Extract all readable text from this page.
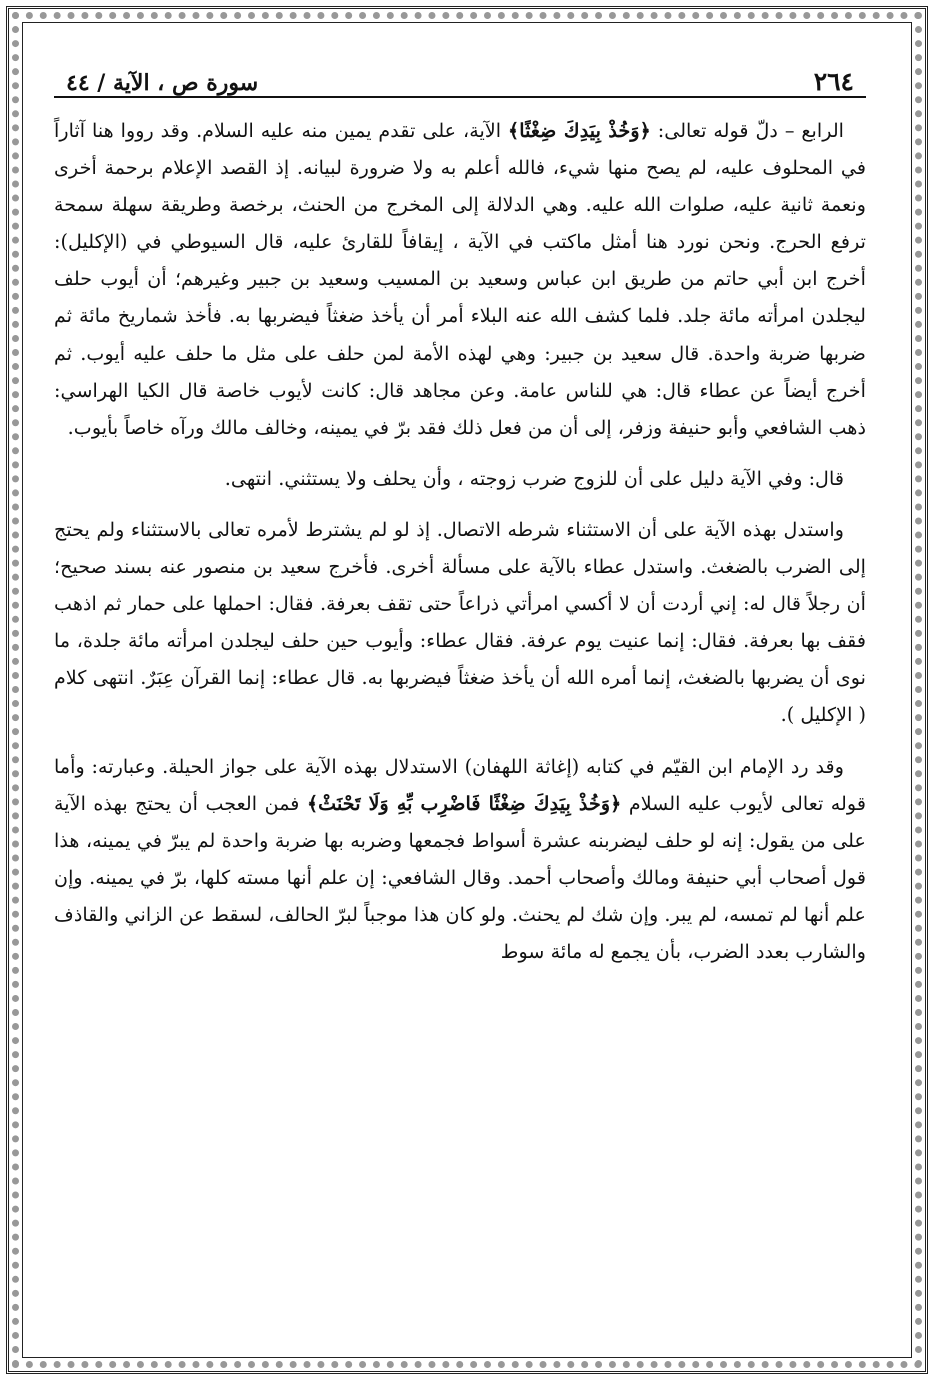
٢٦٤
سورة ص ، الآية / ٤٤

الرابع – دلّ قوله تعالى: ﴿وَخُذْ بِيَدِكَ ضِغْثًا﴾ الآية، على تقدم يمين منه عليه السلام. وقد رووا هنا آثاراً في المحلوف عليه، لم يصح منها شيء، فالله أعلم به ولا ضرورة لبيانه. إذ القصد الإعلام برحمة أخرى ونعمة ثانية عليه، صلوات الله عليه. وهي الدلالة إلى المخرج من الحنث، برخصة وطريقة سهلة سمحة ترفع الحرج. ونحن نورد هنا أمثل ماكتب في الآية ، إيقافاً للقارئ عليه، قال السيوطي في (الإكليل): أخرج ابن أبي حاتم من طريق ابن عباس وسعيد بن المسيب وسعيد بن جبير وغيرهم؛ أن أيوب حلف ليجلدن امرأته مائة جلد. فلما كشف الله عنه البلاء أمر أن يأخذ ضغثاً فيضربها به. فأخذ شماريخ مائة ثم ضربها ضربة واحدة. قال سعيد بن جبير: وهي لهذه الأمة لمن حلف على مثل ما حلف عليه أيوب. ثم أخرج أيضاً عن عطاء قال: هي للناس عامة. وعن مجاهد قال: كانت لأيوب خاصة قال الكيا الهراسي: ذهب الشافعي وأبو حنيفة وزفر، إلى أن من فعل ذلك فقد برّ في يمينه، وخالف مالك ورآه خاصاً بأيوب.

قال: وفي الآية دليل على أن للزوج ضرب زوجته ، وأن يحلف ولا يستثني. انتهى.

واستدل بهذه الآية على أن الاستثناء شرطه الاتصال. إذ لو لم يشترط لأمره تعالى بالاستثناء ولم يحتج إلى الضرب بالضغث. واستدل عطاء بالآية على مسألة أخرى. فأخرج سعيد بن منصور عنه بسند صحيح؛ أن رجلاً قال له: إني أردت أن لا أكسي امرأتي ذراعاً حتى تقف بعرفة. فقال: احملها على حمار ثم اذهب فقف بها بعرفة. فقال: إنما عنيت يوم عرفة. فقال عطاء: وأيوب حين حلف ليجلدن امرأته مائة جلدة، ما نوى أن يضربها بالضغث، إنما أمره الله أن يأخذ ضغثاً فيضربها به. قال عطاء: إنما القرآن عِبَرٌ. انتهى كلام ( الإكليل ).

وقد رد الإمام ابن القيّم في كتابه (إغاثة اللهفان) الاستدلال بهذه الآية على جواز الحيلة. وعبارته: وأما قوله تعالى لأيوب عليه السلام ﴿وَخُذْ بِيَدِكَ ضِغْثًا فَاضْرِب بِّهِ وَلَا تَحْنَثْ﴾ فمن العجب أن يحتج بهذه الآية على من يقول: إنه لو حلف ليضربنه عشرة أسواط فجمعها وضربه بها ضربة واحدة لم يبرّ في يمينه، هذا قول أصحاب أبي حنيفة ومالك وأصحاب أحمد. وقال الشافعي: إن علم أنها مسته كلها، برّ في يمينه. وإن علم أنها لم تمسه، لم يبر. وإن شك لم يحنث. ولو كان هذا موجباً لبرّ الحالف، لسقط عن الزاني والقاذف والشارب بعدد الضرب، بأن يجمع له مائة سوط
